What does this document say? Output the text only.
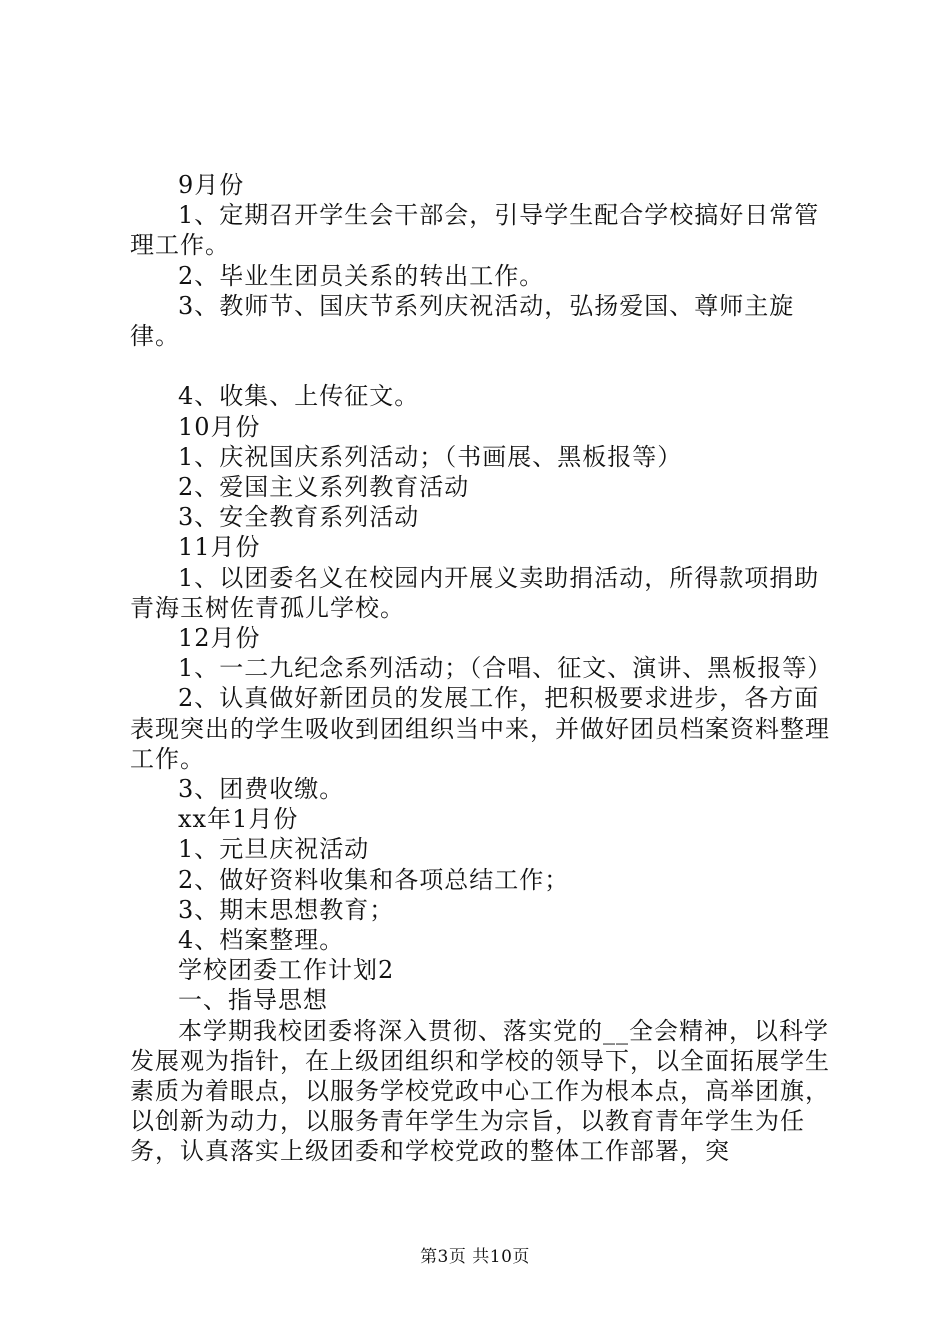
9月份

1、定期召开学生会干部会，引导学生配合学校搞好日常管理工作。

2、毕业生团员关系的转出工作。

3、教师节、国庆节系列庆祝活动，弘扬爱国、尊师主旋律。

4、收集、上传征文。

10月份

1、庆祝国庆系列活动；（书画展、黑板报等）

2、爱国主义系列教育活动

3、安全教育系列活动

11月份

1、以团委名义在校园内开展义卖助捐活动，所得款项捐助青海玉树佐青孤儿学校。

12月份

1、一二九纪念系列活动；（合唱、征文、演讲、黑板报等）

2、认真做好新团员的发展工作，把积极要求进步，各方面表现突出的学生吸收到团组织当中来，并做好团员档案资料整理工作。

3、团费收缴。

xx年1月份

1、元旦庆祝活动

2、做好资料收集和各项总结工作；

3、期末思想教育；

4、档案整理。

学校团委工作计划2

一、指导思想

本学期我校团委将深入贯彻、落实党的__全会精神，以科学发展观为指针，在上级团组织和学校的领导下，以全面拓展学生素质为着眼点，以服务学校党政中心工作为根本点，高举团旗，以创新为动力，以服务青年学生为宗旨，以教育青年学生为任务，认真落实上级团委和学校党政的整体工作部署，突

第3页 共10页
